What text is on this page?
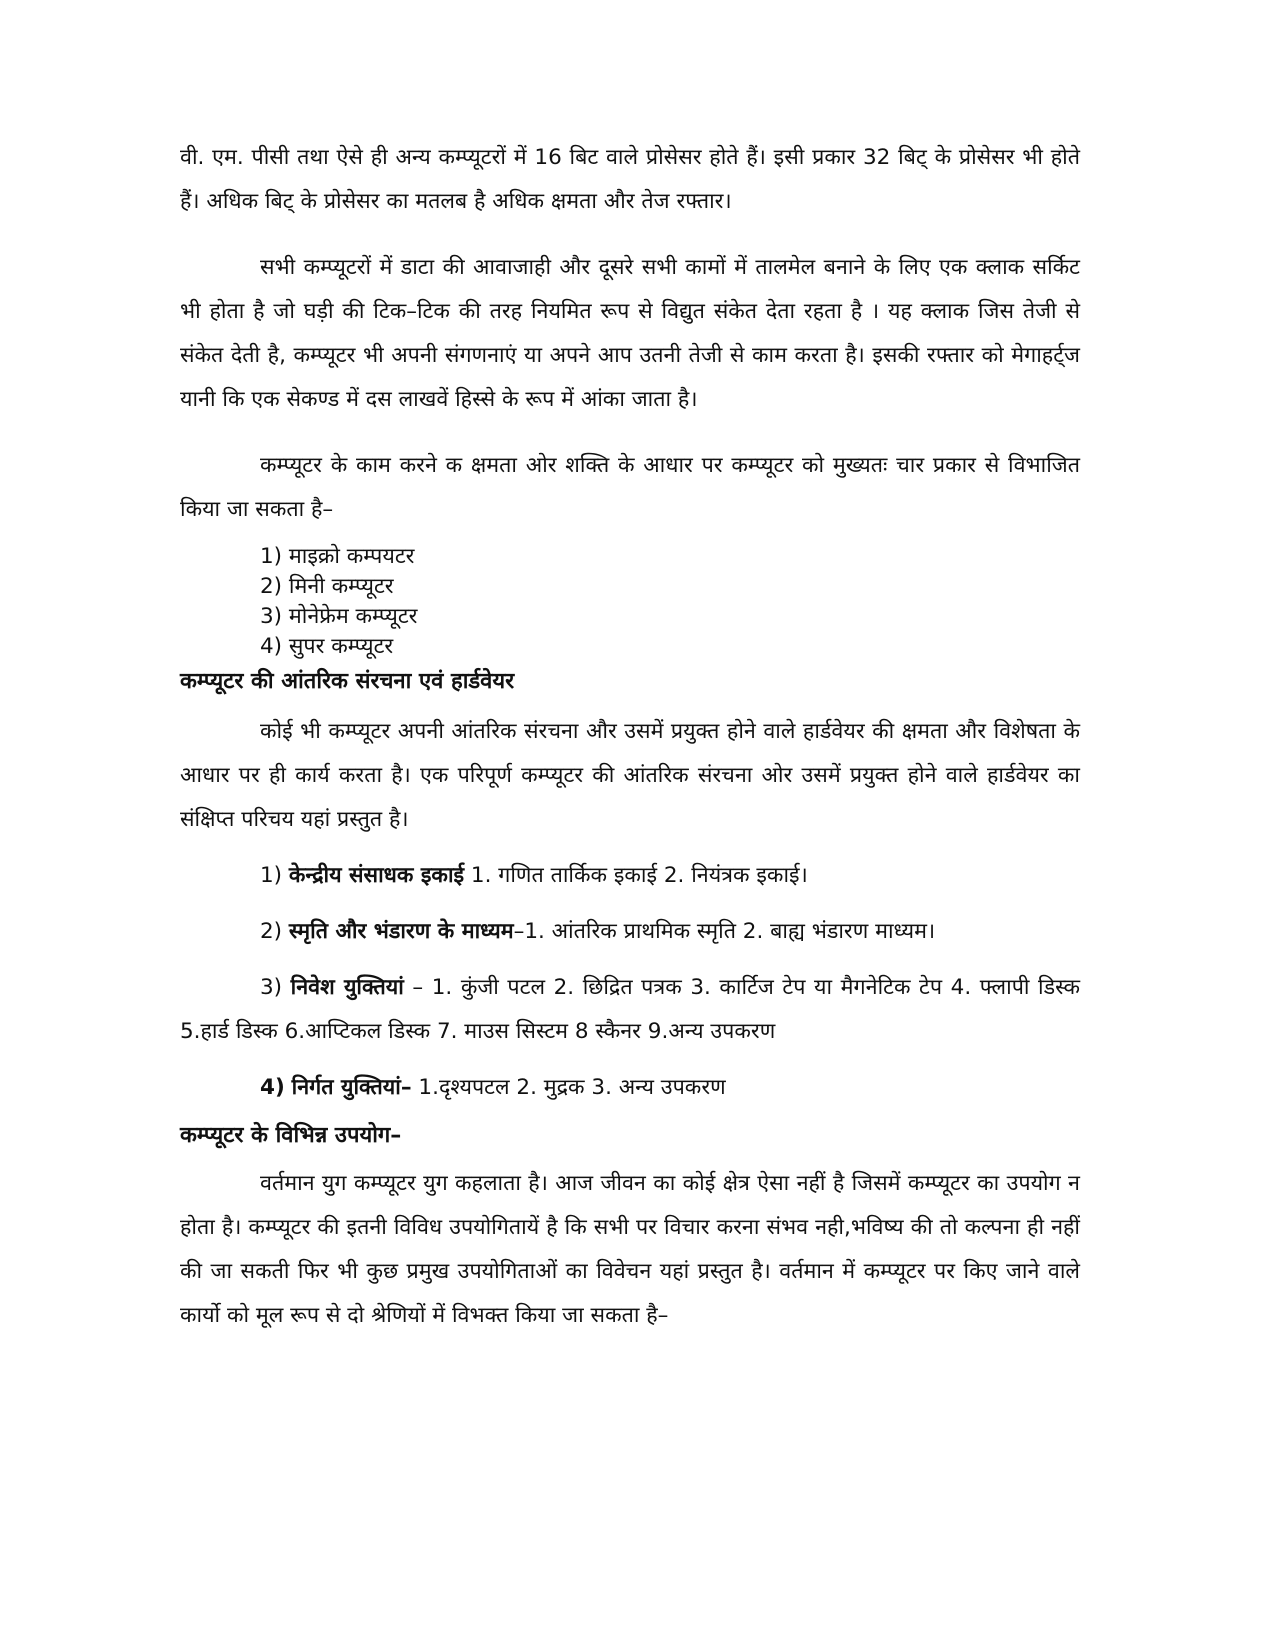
वी. एम. पीसी तथा ऐसे ही अन्य कम्प्यूटरों में 16 बिट वाले प्रोसेसर होते हैं। इसी प्रकार 32 बिट् के प्रोसेसर भी होते हैं। अधिक बिट् के प्रोसेसर का मतलब है अधिक क्षमता और तेज रफ्तार।

सभी कम्प्यूटरों में डाटा की आवाजाही और दूसरे सभी कामों में तालमेल बनाने के लिए एक क्लाक सर्किट भी होता है जो घड़ी की टिक–टिक की तरह नियमित रूप से विद्युत संकेत देता रहता है । यह क्लाक जिस तेजी से संकेत देती है, कम्प्यूटर भी अपनी संगणनाएं या अपने आप उतनी तेजी से काम करता है। इसकी रफ्तार को मेगाहर्ट्ज यानी कि एक सेकण्ड में दस लाखवें हिस्से के रूप में आंका जाता है।

कम्प्यूटर के काम करने क क्षमता ओर शक्ति के आधार पर कम्प्यूटर को मुख्यतः चार प्रकार से विभाजित किया जा सकता है–

1) माइक्रो कम्पयटर
2) मिनी कम्प्यूटर
3) मोनेफ्रेम कम्प्यूटर
4) सुपर कम्प्यूटर
कम्प्यूटर की आंतरिक संरचना एवं हार्डवेयर

कोई भी कम्प्यूटर अपनी आंतरिक संरचना और उसमें प्रयुक्त होने वाले हार्डवेयर की क्षमता और विशेषता के आधार पर ही कार्य करता है। एक परिपूर्ण कम्प्यूटर की आंतरिक संरचना ओर उसमें प्रयुक्त होने वाले हार्डवेयर का संक्षिप्त परिचय यहां प्रस्तुत है।

1) केन्द्रीय संसाधक इकाई 1. गणित तार्किक इकाई 2. नियंत्रक इकाई।

2) स्मृति और भंडारण के माध्यम–1. आंतरिक प्राथमिक स्मृति 2. बाह्य भंडारण माध्यम।

3) निवेश युक्तियां – 1. कुंजी पटल 2. छिद्रित पत्रक 3. कार्टिज टेप या मैगनेटिक टेप 4. फ्लापी डिस्क 5.हार्ड डिस्क 6.आप्टिकल डिस्क 7. माउस सिस्टम 8 स्कैनर 9.अन्य उपकरण

4) निर्गत युक्तियां– 1.दृश्यपटल 2. मुद्रक 3. अन्य उपकरण

कम्प्यूटर के विभिन्न उपयोग–

वर्तमान युग कम्प्यूटर युग कहलाता है। आज जीवन का कोई क्षेत्र ऐसा नहीं है जिसमें कम्प्यूटर का उपयोग न होता है। कम्प्यूटर की इतनी विविध उपयोगितायें है कि सभी पर विचार करना संभव नही,भविष्य की तो कल्पना ही नहीं की जा सकती फिर भी कुछ प्रमुख उपयोगिताओं का विवेचन यहां प्रस्तुत है। वर्तमान में कम्प्यूटर पर किए जाने वाले कार्यो को मूल रूप से दो श्रेणियों में विभक्त किया जा सकता है–
